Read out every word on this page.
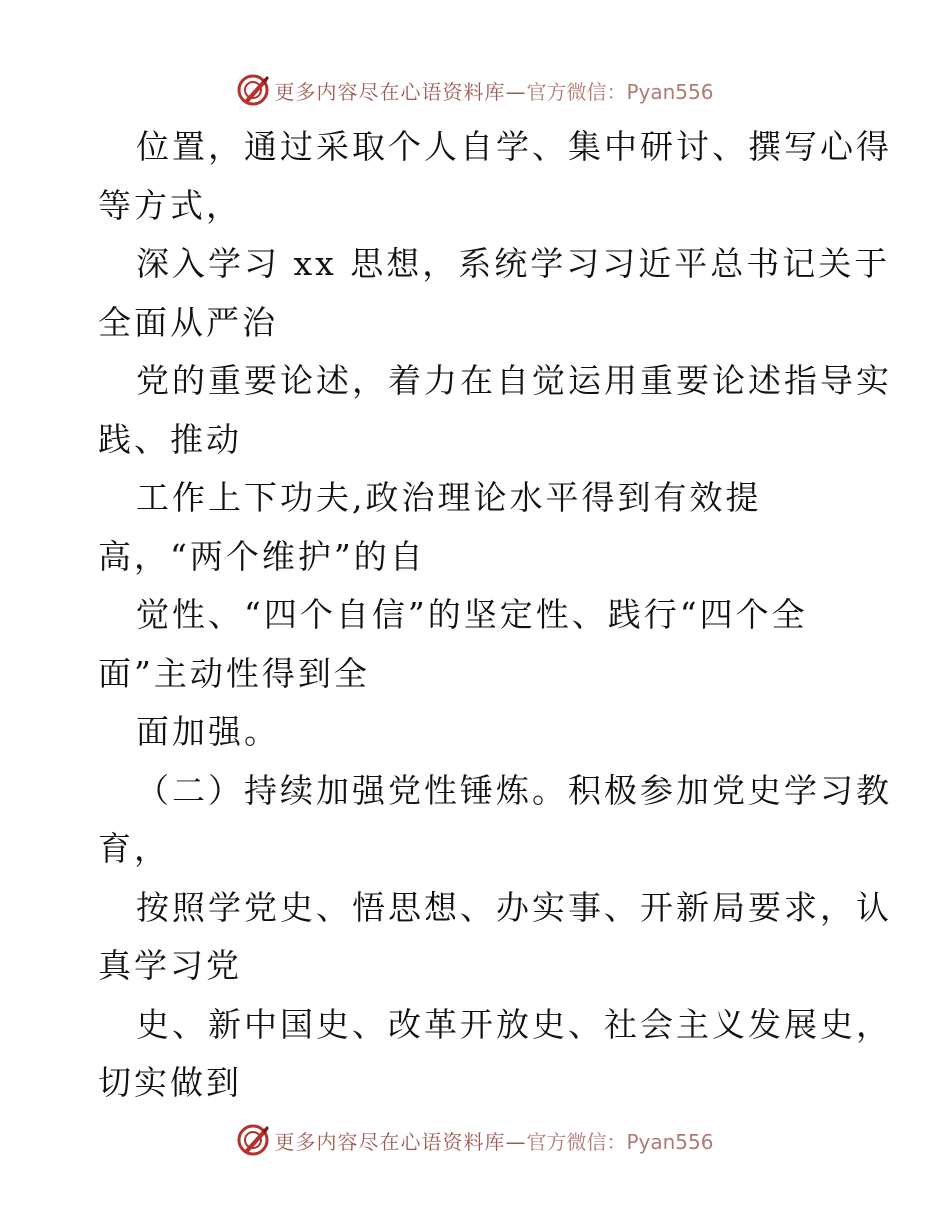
更多内容尽在心语资料库—官方微信：Pyan556
位置，通过采取个人自学、集中研讨、撰写心得
等方式，
深入学习 xx 思想，系统学习习近平总书记关于
全面从严治
党的重要论述，着力在自觉运用重要论述指导实
践、推动
工作上下功夫,政治理论水平得到有效提
高，“两个维护”的自
觉性、“四个自信”的坚定性、践行“四个全
面”主动性得到全
面加强。
（二）持续加强党性锤炼。积极参加党史学习教
育，
按照学党史、悟思想、办实事、开新局要求，认
真学习党
史、新中国史、改革开放史、社会主义发展史，
切实做到
更多内容尽在心语资料库—官方微信：Pyan556
